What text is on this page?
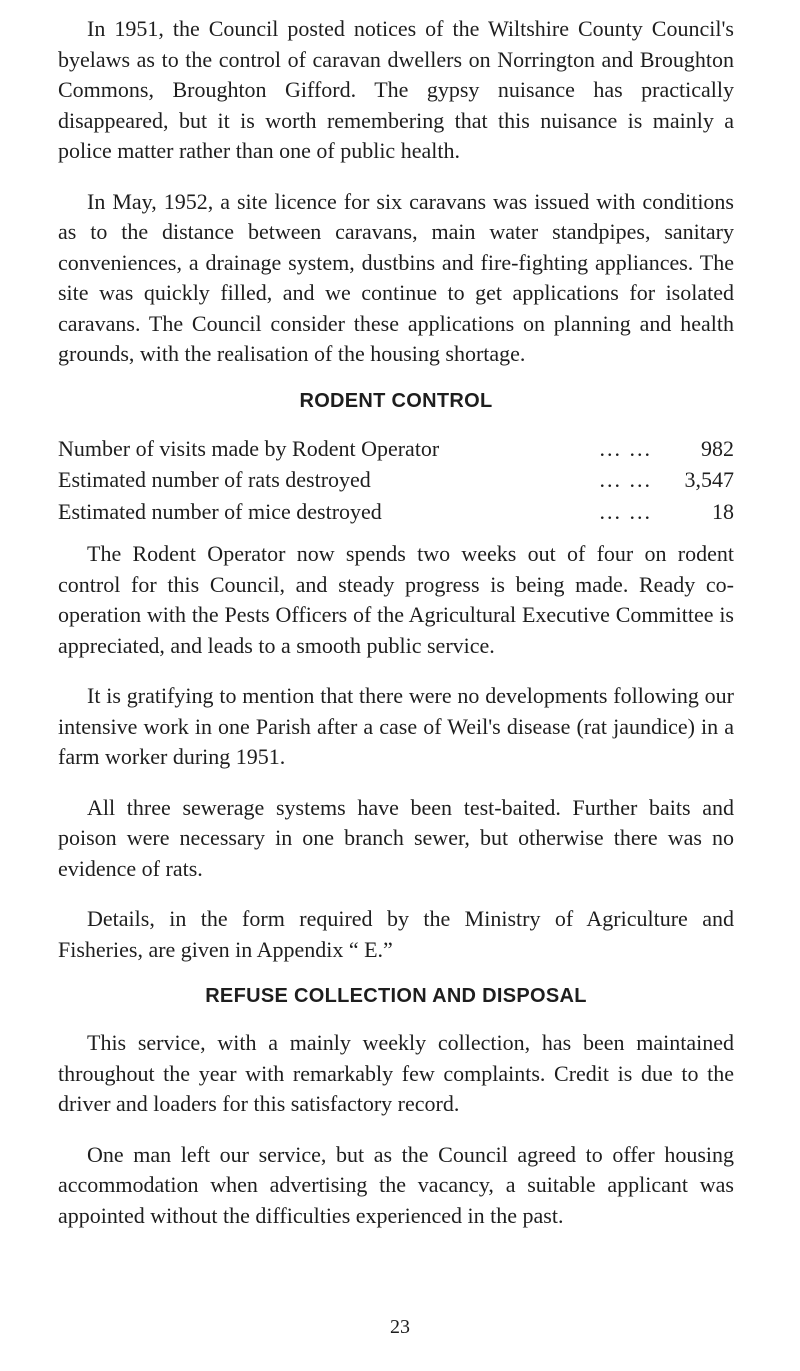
In 1951, the Council posted notices of the Wiltshire County Council's byelaws as to the control of caravan dwellers on Norrington and Broughton Commons, Broughton Gifford. The gypsy nuisance has practically disappeared, but it is worth remembering that this nuisance is mainly a police matter rather than one of public health.

In May, 1952, a site licence for six caravans was issued with conditions as to the distance between caravans, main water standpipes, sanitary conveniences, a drainage system, dustbins and fire-fighting appliances. The site was quickly filled, and we continue to get applications for isolated caravans. The Council consider these applications on planning and health grounds, with the realisation of the housing shortage.

RODENT CONTROL
Number of visits made by Rodent Operator	... ...	982
Estimated number of rats destroyed	... ...	3,547
Estimated number of mice destroyed	... ...	18

The Rodent Operator now spends two weeks out of four on rodent control for this Council, and steady progress is being made. Ready co-operation with the Pests Officers of the Agricultural Executive Committee is appreciated, and leads to a smooth public service.

It is gratifying to mention that there were no developments following our intensive work in one Parish after a case of Weil's disease (rat jaundice) in a farm worker during 1951.

All three sewerage systems have been test-baited. Further baits and poison were necessary in one branch sewer, but otherwise there was no evidence of rats.

Details, in the form required by the Ministry of Agriculture and Fisheries, are given in Appendix “ E.”

REFUSE COLLECTION AND DISPOSAL

This service, with a mainly weekly collection, has been maintained throughout the year with remarkably few complaints. Credit is due to the driver and loaders for this satisfactory record.

One man left our service, but as the Council agreed to offer housing accommodation when advertising the vacancy, a suitable applicant was appointed without the difficulties experienced in the past.

23
